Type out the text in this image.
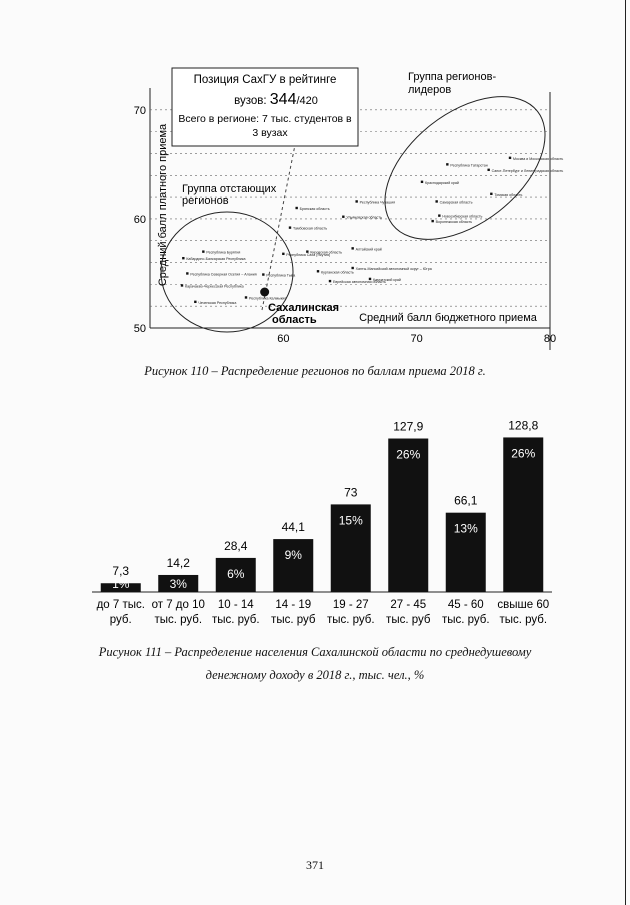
50
60
70
60	70	80
Средний балл платного приема
Средний балл бюджетного приема
Группа регионов-
лидеров
Группа отстающих
регионов
Москва и Московская область
Санкт-Петербург и Ленинградская область
Республика Татарстан
Краснодарский край
Томская область
Новосибирская область
Воронежская область
Самарская область
Республика Чувашия
Ульяновская область
Брянская область
Тамбовская область
Кировская область
Алтайский край
Ханты-Мансийский автономный округ – Югра
Республика Саха (Якутия)
Республика Бурятия
Кабардино-Балкарская Республика
Республика Северная Осетия – Алания
Карачаево-Черкесская Республика
Чеченская Республика
Республика Калмыкия
Республика Тыва
Курганская область
Еврейская автономная область
Камчатский край
Сахалинская
область
Позиция СахГУ в рейтинге
вузов: 344/420
Всего в регионе: 7 тыс. студентов в
3 вузах
7,3
1%
до 7 тыс.
руб.
14,2
3%
от 7 до 10
тыс. руб.
28,4
6%
10 - 14
тыс. руб.
44,1
9%
14 - 19
тыс. руб
73
15%
19 - 27
тыс. руб.
127,9
26%
27 - 45
тыс. руб
66,1
13%
45 - 60
тыс. руб.
128,8
26%
свыше 60
тыс. руб.
Рисунок 110 – Распределение регионов по баллам приема 2018 г.
Рисунок 111 – Распределение населения Сахалинской области по среднедушевому
денежному доходу в 2018 г., тыс. чел., %
371
